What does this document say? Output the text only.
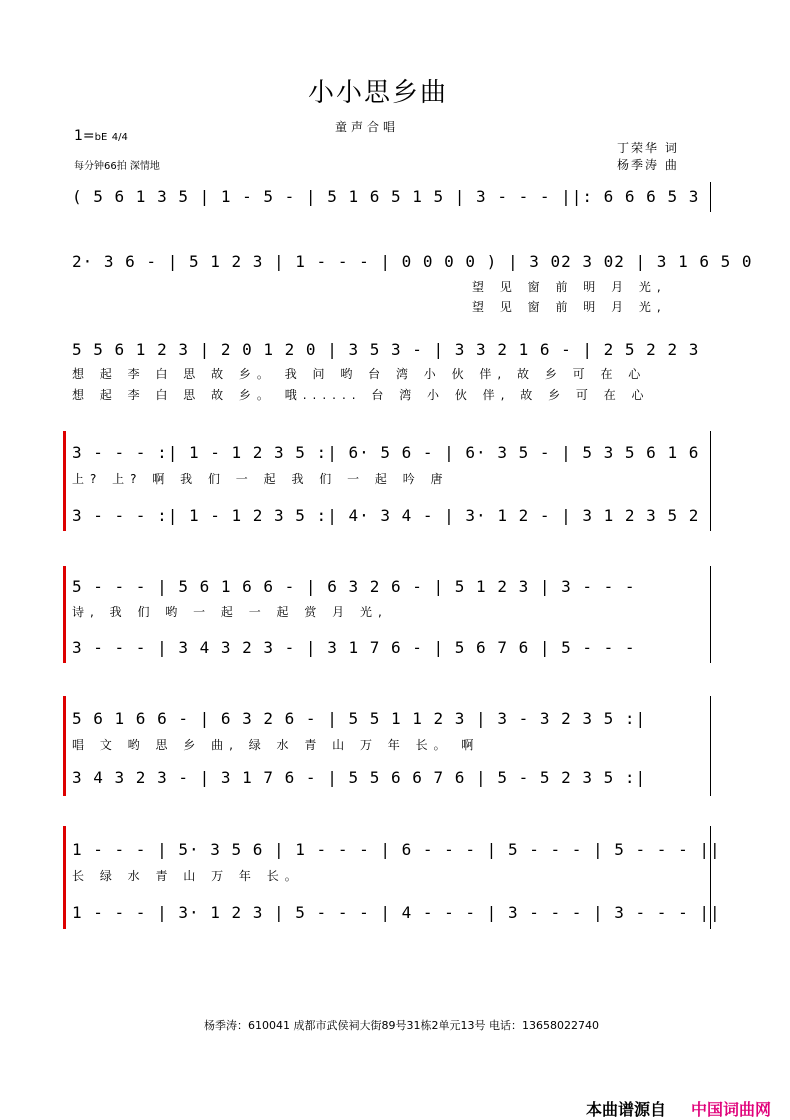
小小思乡曲
童声合唱
1=bE 4/4
每分钟66拍 深情地
丁荣华 词
杨季涛 曲
( 5 6 1 3 5 | 1 - 5 - | 5 1 6 5 1 5 | 3 - - - ||: 6 6 6 5 3
2· 3 6 - | 5 1 2 3 | 1 - - - | 0 0 0 0 ) | 3 02 3 02 | 3 1 6 5 0
望 见 窗 前 明 月 光,
望 见 窗 前 明 月 光,
5 5 6 1 2 3 | 2 0 1 2 0 | 3 5 3 - | 3 3 2 1 6 - | 2 5 2 2 3
想 起 李 白 思 故 乡。 我 问 哟 台 湾 小 伙 伴, 故 乡 可 在 心
想 起 李 白 思 故 乡。 哦...... 台 湾 小 伙 伴, 故 乡 可 在 心
3 - - - :| 1 - 1 2 3 5 :| 6· 5 6 - | 6· 3 5 - | 5 3 5 6 1 6
上? 上? 啊 我 们 一 起 我 们 一 起 吟 唐
3 - - - :| 1 - 1 2 3 5 :| 4· 3 4 - | 3· 1 2 - | 3 1 2 3 5 2
5 - - - | 5 6 1 6 6 - | 6 3 2 6 - | 5 1 2 3 | 3 - - -
诗, 我 们 哟 一 起 一 起 赏 月 光,
3 - - - | 3 4 3 2 3 - | 3 1 7 6 - | 5 6 7 6 | 5 - - -
5 6 1 6 6 - | 6 3 2 6 - | 5 5 1 1 2 3 | 3 - 3 2 3 5 :|
唱 文 哟 思 乡 曲, 绿 水 青 山 万 年 长。 啊
3 4 3 2 3 - | 3 1 7 6 - | 5 5 6 6 7 6 | 5 - 5 2 3 5 :|
1 - - - | 5· 3 5 6 | 1 - - - | 6 - - - | 5 - - - | 5 - - - ||
长 绿 水 青 山 万 年 长。
1 - - - | 3· 1 2 3 | 5 - - - | 4 - - - | 3 - - - | 3 - - - ||
杨季涛：610041 成都市武侯祠大街89号31栋2单元13号 电话：13658022740
本曲谱源自 中国词曲网
